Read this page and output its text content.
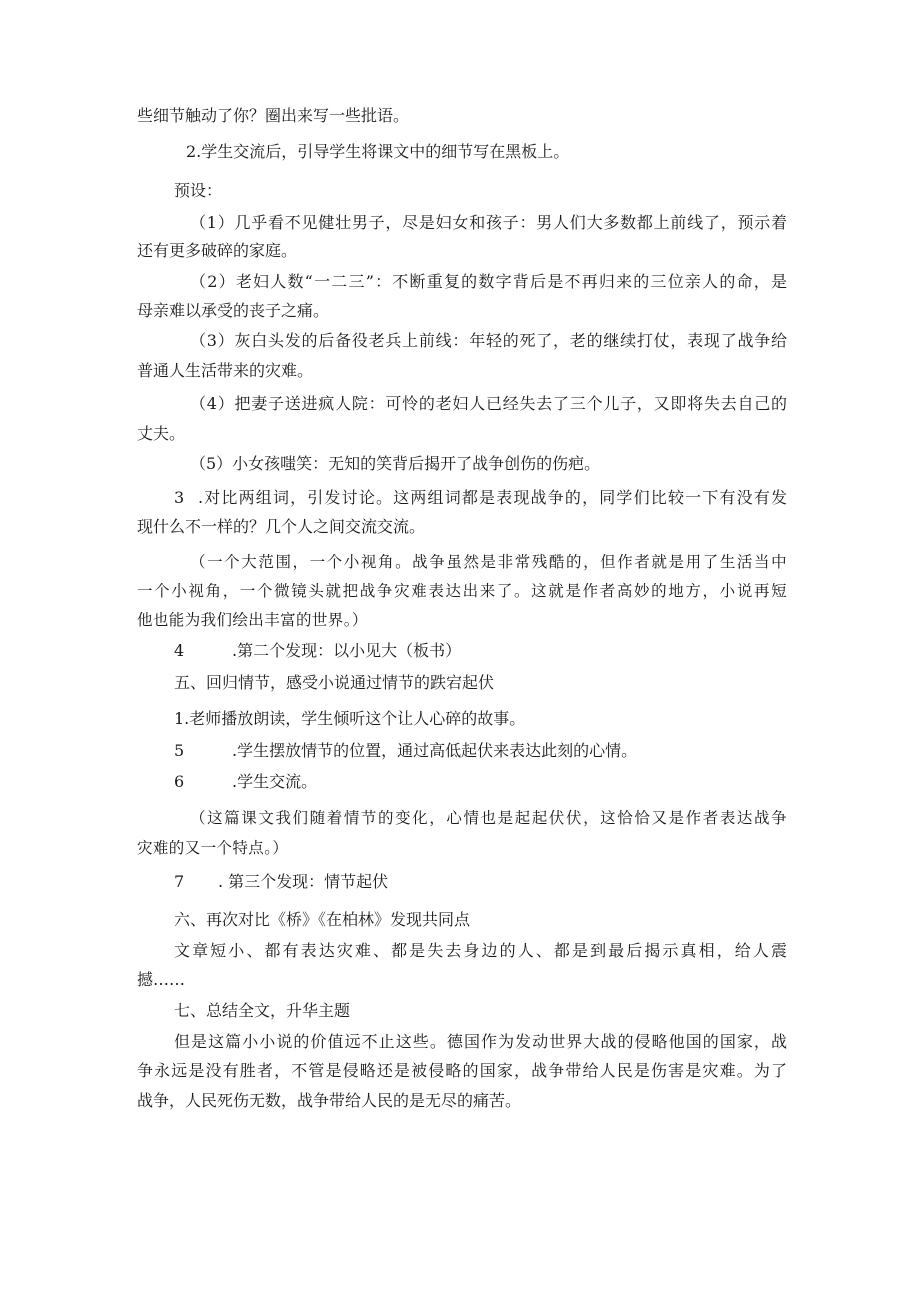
些细节触动了你？圈出来写一些批语。
2.学生交流后，引导学生将课文中的细节写在黑板上。
预设：
（1）几乎看不见健壮男子，尽是妇女和孩子：男人们大多数都上前线了，预示着
还有更多破碎的家庭。
（2）老妇人数“一二三”：不断重复的数字背后是不再归来的三位亲人的命，是
母亲难以承受的丧子之痛。
（3）灰白头发的后备役老兵上前线：年轻的死了，老的继续打仗，表现了战争给
普通人生活带来的灾难。
（4）把妻子送进疯人院：可怜的老妇人已经失去了三个儿子，又即将失去自己的
丈夫。
（5）小女孩嗤笑：无知的笑背后揭开了战争创伤的伤疤。
3 .对比两组词，引发讨论。这两组词都是表现战争的，同学们比较一下有没有发
现什么不一样的？几个人之间交流交流。
（一个大范围，一个小视角。战争虽然是非常残酷的，但作者就是用了生活当中
一个小视角，一个微镜头就把战争灾难表达出来了。这就是作者高妙的地方，小说再短
他也能为我们绘出丰富的世界。）
4	.第二个发现：以小见大（板书）
五、回归情节，感受小说通过情节的跌宕起伏
1.老师播放朗读，学生倾听这个让人心碎的故事。
5	.学生摆放情节的位置，通过高低起伏来表达此刻的心情。
6	.学生交流。
（这篇课文我们随着情节的变化，心情也是起起伏伏，这恰恰又是作者表达战争
灾难的又一个特点。）
7 . 第三个发现：情节起伏
六、再次对比《桥》《在柏林》发现共同点
文章短小、都有表达灾难、都是失去身边的人、都是到最后揭示真相，给人震
撼……
七、总结全文，升华主题
但是这篇小小说的价值远不止这些。德国作为发动世界大战的侵略他国的国家，战
争永远是没有胜者，不管是侵略还是被侵略的国家，战争带给人民是伤害是灾难。为了
战争，人民死伤无数，战争带给人民的是无尽的痛苦。
